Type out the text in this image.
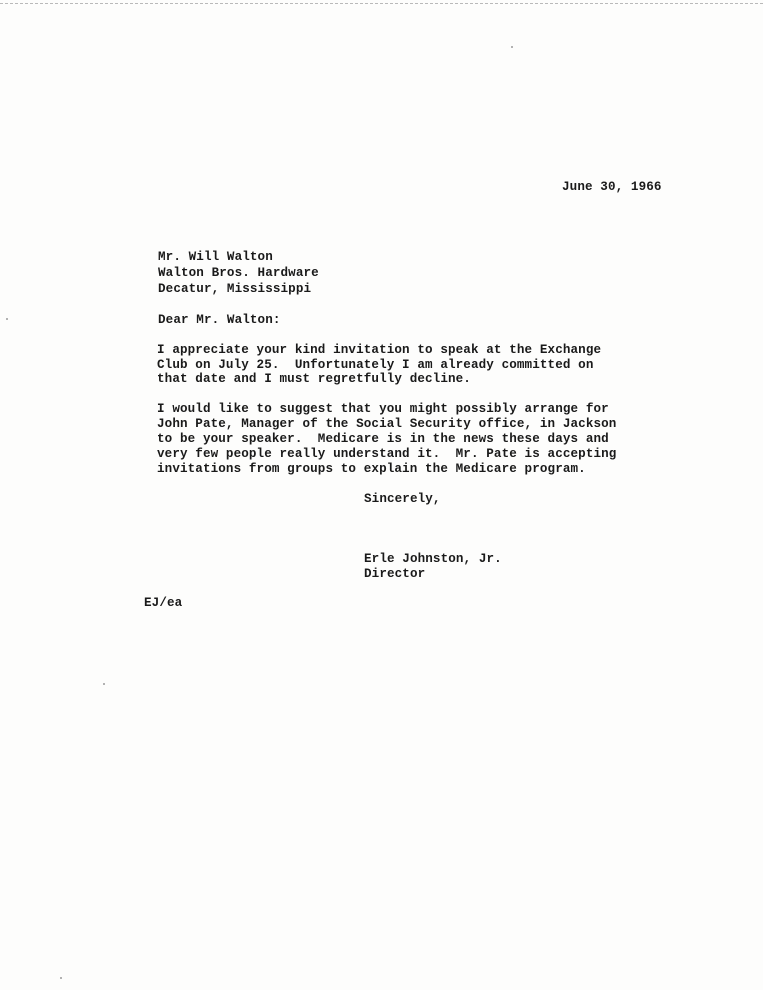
June 30, 1966
Mr. Will Walton
Walton Bros. Hardware
Decatur, Mississippi
Dear Mr. Walton:
I appreciate your kind invitation to speak at the Exchange
Club on July 25.  Unfortunately I am already committed on
that date and I must regretfully decline.
I would like to suggest that you might possibly arrange for
John Pate, Manager of the Social Security office, in Jackson
to be your speaker.  Medicare is in the news these days and
very few people really understand it.  Mr. Pate is accepting
invitations from groups to explain the Medicare program.
Sincerely,
Erle Johnston, Jr.
Director
EJ/ea
